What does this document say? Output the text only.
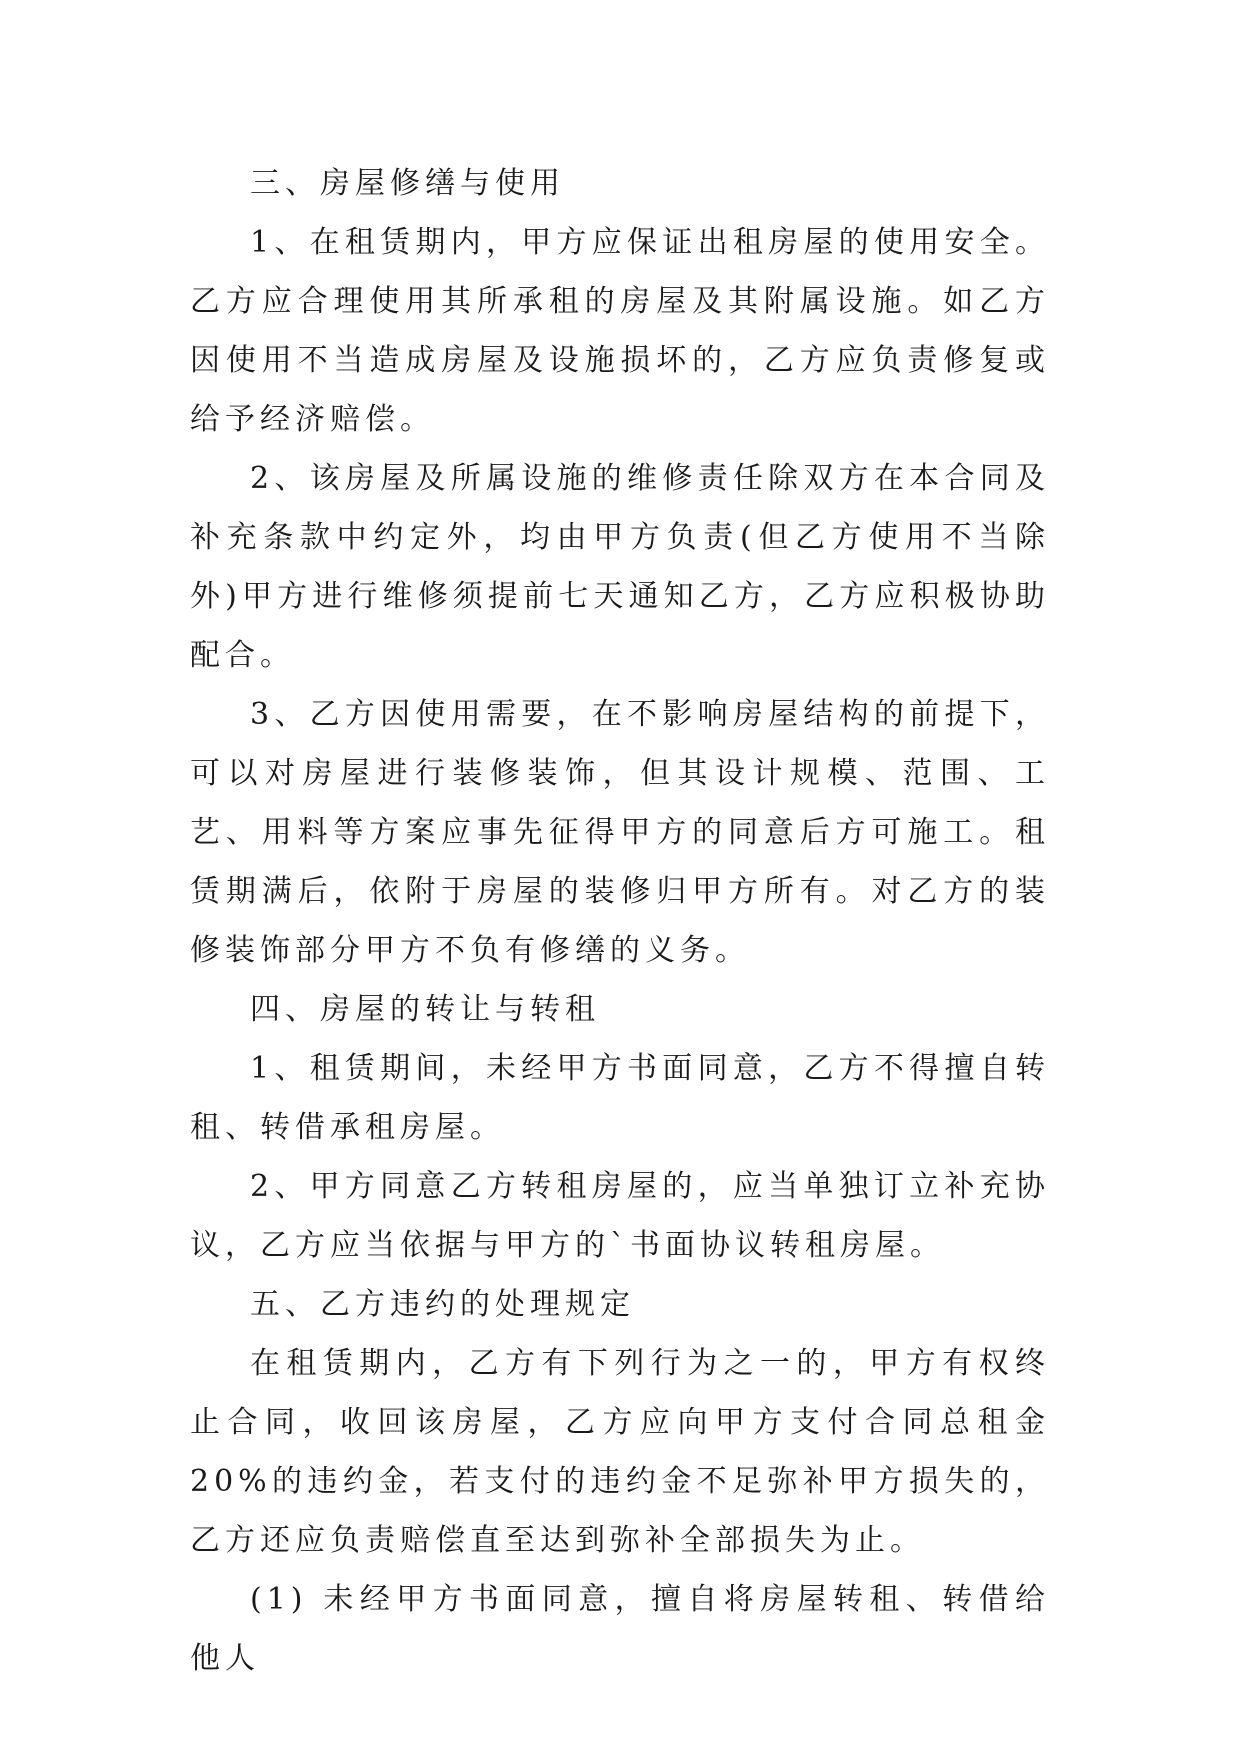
三、房屋修缮与使用

1、在租赁期内，甲方应保证出租房屋的使用安全。乙方应合理使用其所承租的房屋及其附属设施。如乙方因使用不当造成房屋及设施损坏的，乙方应负责修复或给予经济赔偿。

2、该房屋及所属设施的维修责任除双方在本合同及补充条款中约定外，均由甲方负责(但乙方使用不当除外)甲方进行维修须提前七天通知乙方，乙方应积极协助配合。

3、乙方因使用需要，在不影响房屋结构的前提下，可以对房屋进行装修装饰，但其设计规模、范围、工艺、用料等方案应事先征得甲方的同意后方可施工。租赁期满后，依附于房屋的装修归甲方所有。对乙方的装修装饰部分甲方不负有修缮的义务。

四、房屋的转让与转租

1、租赁期间，未经甲方书面同意，乙方不得擅自转租、转借承租房屋。

2、甲方同意乙方转租房屋的，应当单独订立补充协议，乙方应当依据与甲方的`书面协议转租房屋。

五、乙方违约的处理规定

在租赁期内，乙方有下列行为之一的，甲方有权终止合同，收回该房屋，乙方应向甲方支付合同总租金 20%的违约金，若支付的违约金不足弥补甲方损失的，乙方还应负责赔偿直至达到弥补全部损失为止。

(1) 未经甲方书面同意，擅自将房屋转租、转借给他人
